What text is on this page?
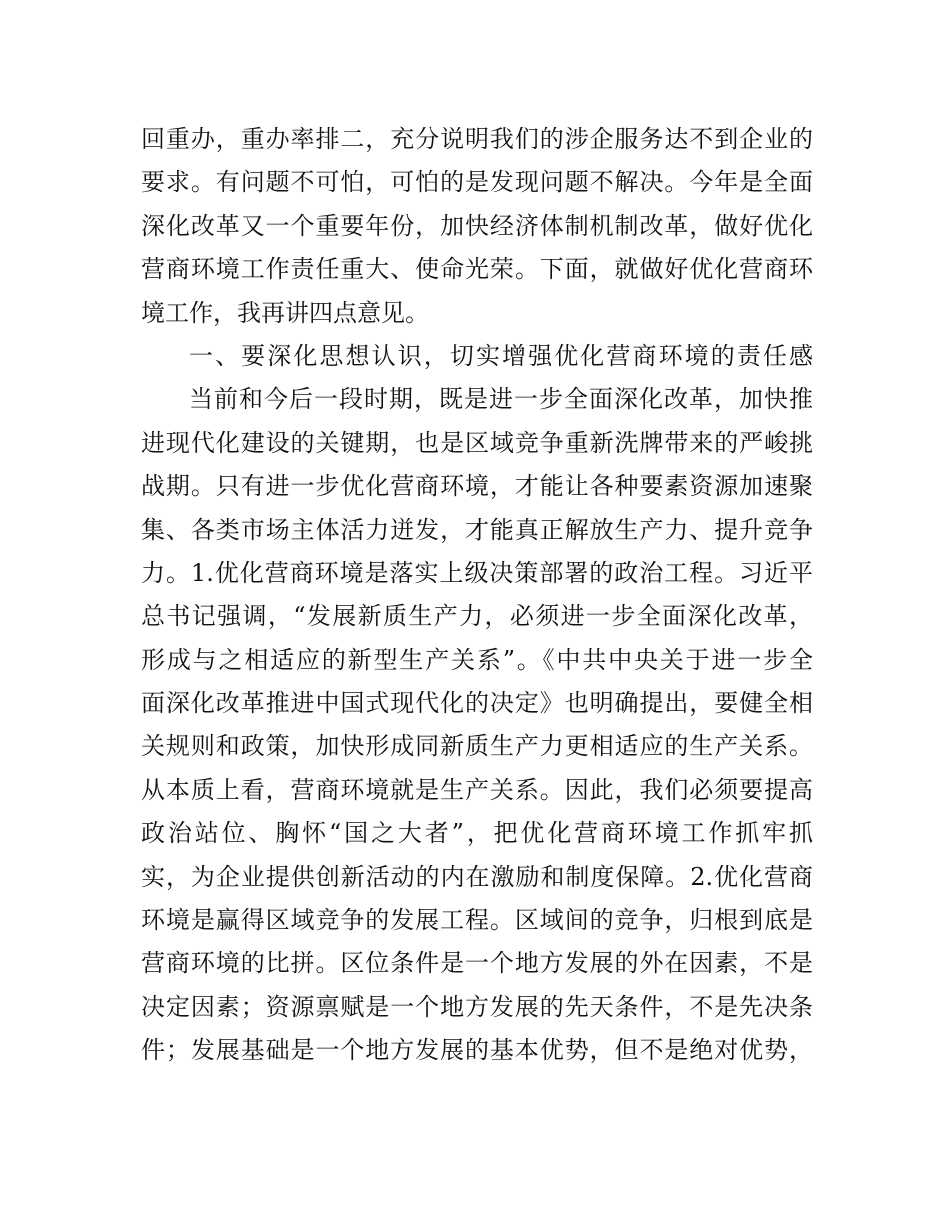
回重办，重办率排二，充分说明我们的涉企服务达不到企业的
要求。有问题不可怕，可怕的是发现问题不解决。今年是全面
深化改革又一个重要年份，加快经济体制机制改革，做好优化
营商环境工作责任重大、使命光荣。下面，就做好优化营商环
境工作，我再讲四点意见。
一、要深化思想认识，切实增强优化营商环境的责任感
当前和今后一段时期，既是进一步全面深化改革，加快推
进现代化建设的关键期，也是区域竞争重新洗牌带来的严峻挑
战期。只有进一步优化营商环境，才能让各种要素资源加速聚
集、各类市场主体活力迸发，才能真正解放生产力、提升竞争
力。1.优化营商环境是落实上级决策部署的政治工程。习近平
总书记强调，“发展新质生产力，必须进一步全面深化改革，
形成与之相适应的新型生产关系”。《中共中央关于进一步全
面深化改革推进中国式现代化的决定》也明确提出，要健全相
关规则和政策，加快形成同新质生产力更相适应的生产关系。
从本质上看，营商环境就是生产关系。因此，我们必须要提高
政治站位、胸怀“国之大者”，把优化营商环境工作抓牢抓
实，为企业提供创新活动的内在激励和制度保障。2.优化营商
环境是赢得区域竞争的发展工程。区域间的竞争，归根到底是
营商环境的比拼。区位条件是一个地方发展的外在因素，不是
决定因素；资源禀赋是一个地方发展的先天条件，不是先决条
件；发展基础是一个地方发展的基本优势，但不是绝对优势，
